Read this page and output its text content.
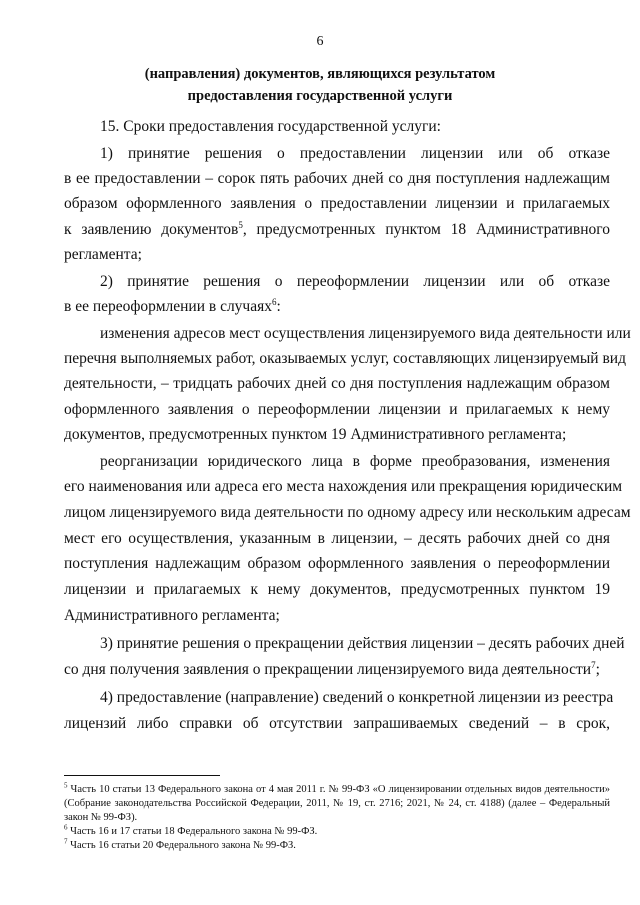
6
(направления) документов, являющихся результатом
предоставления государственной услуги
15. Сроки предоставления государственной услуги:
1) принятие решения о предоставлении лицензии или об отказе
в ее предоставлении – сорок пять рабочих дней со дня поступления надлежащим
образом оформленного заявления о предоставлении лицензии и прилагаемых
к заявлению документов$^5$, предусмотренных пунктом 18 Административного
регламента;
2) принятие решения о переоформлении лицензии или об отказе
в ее переоформлении в случаях$^6$:
изменения адресов мест осуществления лицензируемого вида деятельности или
перечня выполняемых работ, оказываемых услуг, составляющих лицензируемый вид
деятельности, – тридцать рабочих дней со дня поступления надлежащим образом
оформленного заявления о переоформлении лицензии и прилагаемых к нему
документов, предусмотренных пунктом 19 Административного регламента;
реорганизации юридического лица в форме преобразования, изменения
его наименования или адреса его места нахождения или прекращения юридическим
лицом лицензируемого вида деятельности по одному адресу или нескольким адресам
мест его осуществления, указанным в лицензии, – десять рабочих дней со дня
поступления надлежащим образом оформленного заявления о переоформлении
лицензии и прилагаемых к нему документов, предусмотренных пунктом 19
Административного регламента;
3) принятие решения о прекращении действия лицензии – десять рабочих дней
со дня получения заявления о прекращении лицензируемого вида деятельности$^7$;
4) предоставление (направление) сведений о конкретной лицензии из реестра
лицензий либо справки об отсутствии запрашиваемых сведений – в срок,
$^5$ Часть 10 статьи 13 Федерального закона от 4 мая 2011 г. № 99-ФЗ «О лицензировании отдельных видов деятельности»
(Собрание законодательства Российской Федерации, 2011, № 19, ст. 2716; 2021, № 24, ст. 4188) (далее – Федеральный
закон № 99-ФЗ).
$^6$ Часть 16 и 17 статьи 18 Федерального закона № 99-ФЗ.
$^7$ Часть 16 статьи 20 Федерального закона № 99-ФЗ.
